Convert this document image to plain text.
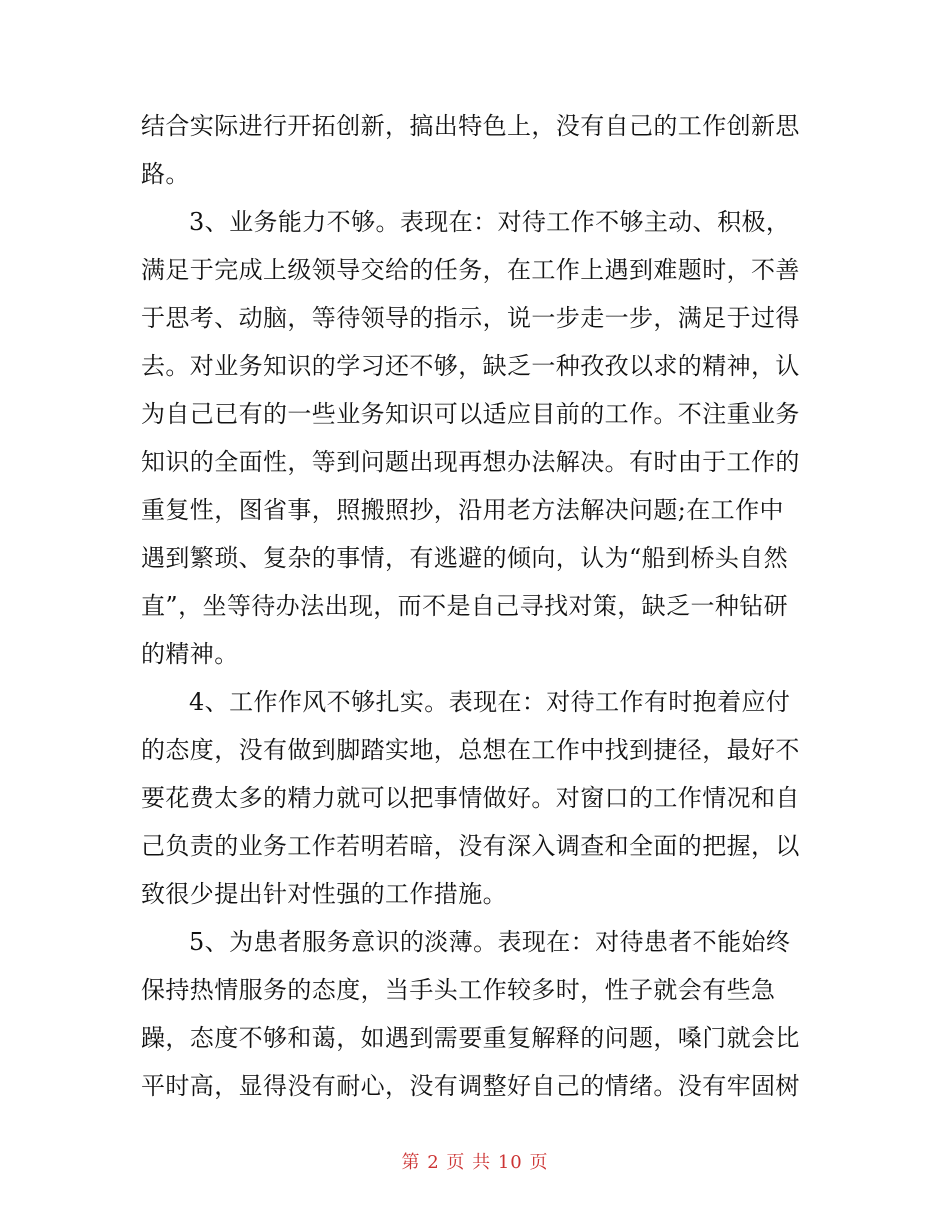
结合实际进行开拓创新，搞出特色上，没有自己的工作创新思
路。
3、业务能力不够。表现在：对待工作不够主动、积极，
满足于完成上级领导交给的任务，在工作上遇到难题时，不善
于思考、动脑，等待领导的指示，说一步走一步，满足于过得
去。对业务知识的学习还不够，缺乏一种孜孜以求的精神，认
为自己已有的一些业务知识可以适应目前的工作。不注重业务
知识的全面性，等到问题出现再想办法解决。有时由于工作的
重复性，图省事，照搬照抄，沿用老方法解决问题;在工作中
遇到繁琐、复杂的事情，有逃避的倾向，认为“船到桥头自然
直”，坐等待办法出现，而不是自己寻找对策，缺乏一种钻研
的精神。
4、工作作风不够扎实。表现在：对待工作有时抱着应付
的态度，没有做到脚踏实地，总想在工作中找到捷径，最好不
要花费太多的精力就可以把事情做好。对窗口的工作情况和自
己负责的业务工作若明若暗，没有深入调查和全面的把握，以
致很少提出针对性强的工作措施。
5、为患者服务意识的淡薄。表现在：对待患者不能始终
保持热情服务的态度，当手头工作较多时，性子就会有些急
躁，态度不够和蔼，如遇到需要重复解释的问题，嗓门就会比
平时高，显得没有耐心，没有调整好自己的情绪。没有牢固树
第 2 页 共 10 页
